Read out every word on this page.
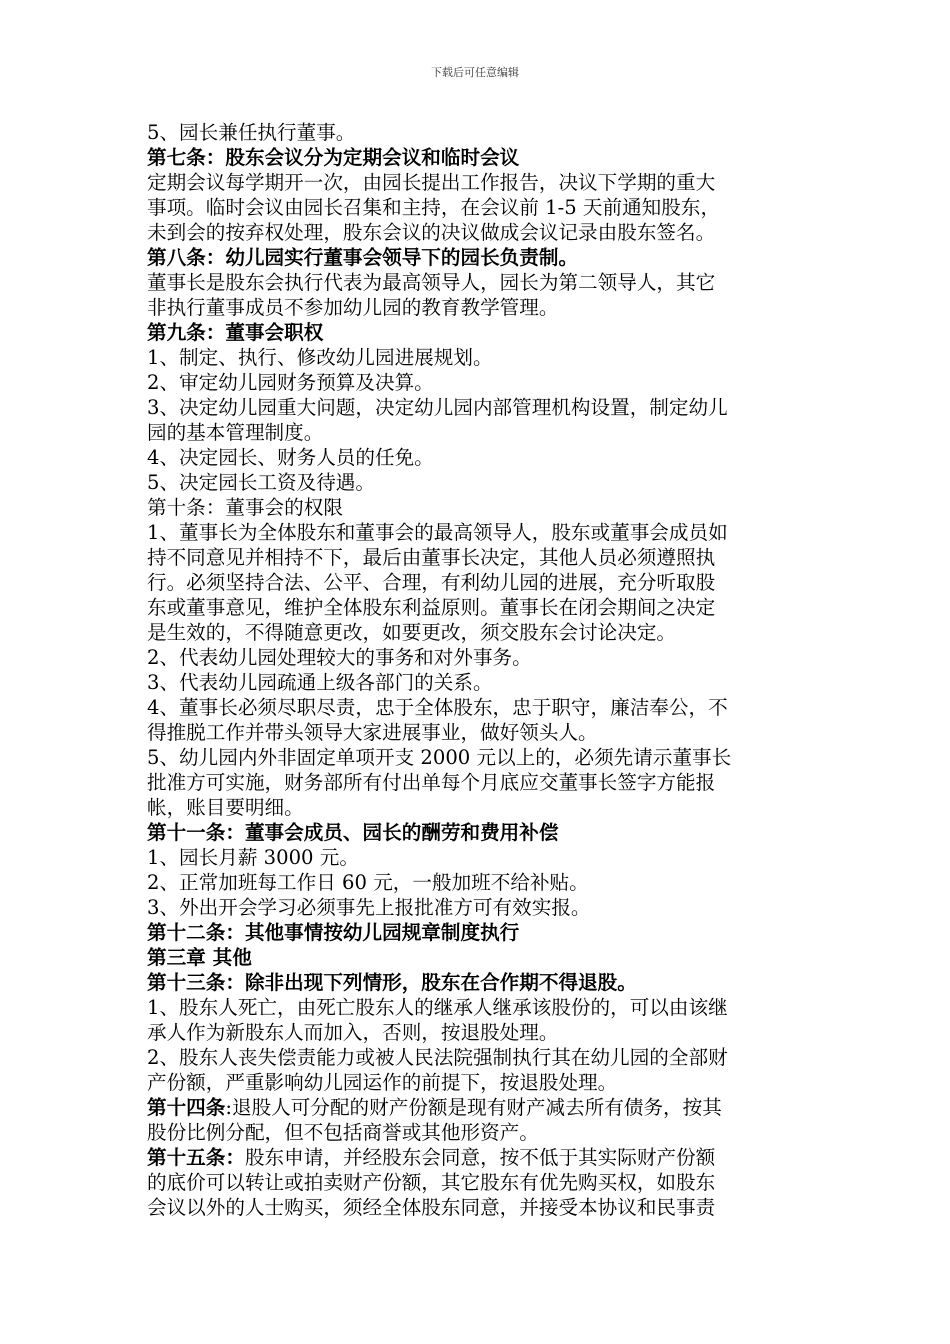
下载后可任意编辑
5、园长兼任执行董事。
第七条：股东会议分为定期会议和临时会议
定期会议每学期开一次，由园长提出工作报告，决议下学期的重大
事项。临时会议由园长召集和主持，在会议前 1-5 天前通知股东，
未到会的按弃权处理，股东会议的决议做成会议记录由股东签名。
第八条：幼儿园实行董事会领导下的园长负责制。
董事长是股东会执行代表为最高领导人，园长为第二领导人，其它
非执行董事成员不参加幼儿园的教育教学管理。
第九条：董事会职权
1、制定、执行、修改幼儿园进展规划。
2、审定幼儿园财务预算及决算。
3、决定幼儿园重大问题，决定幼儿园内部管理机构设置，制定幼儿
园的基本管理制度。
4、决定园长、财务人员的任免。
5、决定园长工资及待遇。
第十条：董事会的权限
1、董事长为全体股东和董事会的最高领导人，股东或董事会成员如
持不同意见并相持不下，最后由董事长决定，其他人员必须遵照执
行。必须坚持合法、公平、合理，有利幼儿园的进展，充分听取股
东或董事意见，维护全体股东利益原则。董事长在闭会期间之决定
是生效的，不得随意更改，如要更改，须交股东会讨论决定。
2、代表幼儿园处理较大的事务和对外事务。
3、代表幼儿园疏通上级各部门的关系。
4、董事长必须尽职尽责，忠于全体股东，忠于职守，廉洁奉公，不
得推脱工作并带头领导大家进展事业，做好领头人。
5、幼儿园内外非固定单项开支 2000 元以上的，必须先请示董事长
批准方可实施，财务部所有付出单每个月底应交董事长签字方能报
帐，账目要明细。
第十一条：董事会成员、园长的酬劳和费用补偿
1、园长月薪 3000 元。
2、正常加班每工作日 60 元，一般加班不给补贴。
3、外出开会学习必须事先上报批准方可有效实报。
第十二条：其他事情按幼儿园规章制度执行
第三章 其他
第十三条：除非出现下列情形，股东在合作期不得退股。
1、股东人死亡，由死亡股东人的继承人继承该股份的，可以由该继
承人作为新股东人而加入，否则，按退股处理。
2、股东人丧失偿责能力或被人民法院强制执行其在幼儿园的全部财
产份额，严重影响幼儿园运作的前提下，按退股处理。
第十四条:退股人可分配的财产份额是现有财产减去所有债务，按其
股份比例分配，但不包括商誉或其他形资产。
第十五条：股东申请，并经股东会同意，按不低于其实际财产份额
的底价可以转让或拍卖财产份额，其它股东有优先购买权，如股东
会议以外的人士购买，须经全体股东同意，并接受本协议和民事责
